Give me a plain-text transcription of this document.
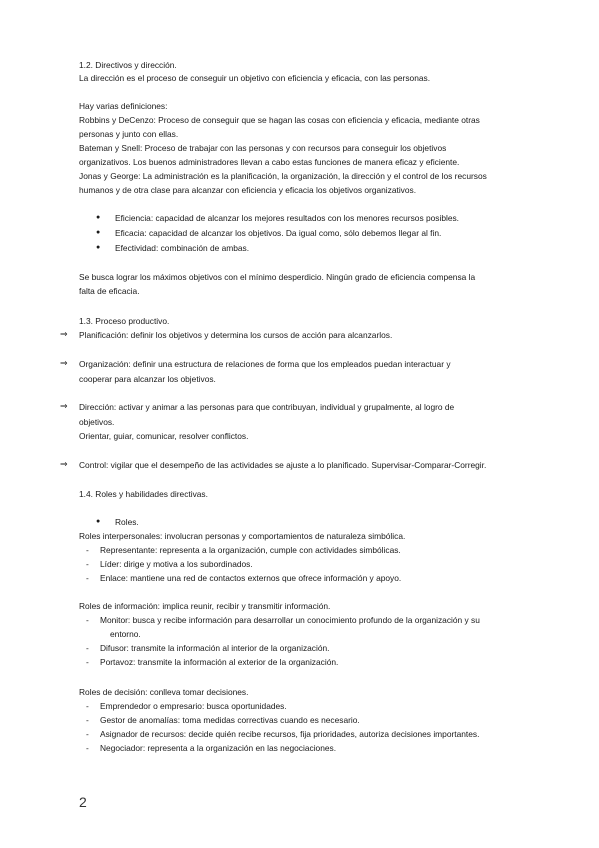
1.2. Directivos y dirección.
La dirección es el proceso de conseguir un objetivo con eficiencia y eficacia, con las personas.
Hay varias definiciones:
Robbins y DeCenzo: Proceso de conseguir que se hagan las cosas con eficiencia y eficacia, mediante otras
personas y junto con ellas.
Bateman y Snell: Proceso de trabajar con las personas y con recursos para conseguir los objetivos
organizativos. Los buenos administradores llevan a cabo estas funciones de manera eficaz y eficiente.
Jonas y George: La administración es la planificación, la organización, la dirección y el control de los recursos
humanos y de otra clase para alcanzar con eficiencia y eficacia los objetivos organizativos.
● Eficiencia: capacidad de alcanzar los mejores resultados con los menores recursos posibles.
● Eficacia: capacidad de alcanzar los objetivos. Da igual como, sólo debemos llegar al fin.
● Efectividad: combinación de ambas.
Se busca lograr los máximos objetivos con el mínimo desperdicio. Ningún grado de eficiencia compensa la
falta de eficacia.
1.3. Proceso productivo.
⇒	Planificación: definir los objetivos y determina los cursos de acción para alcanzarlos.
⇒	Organización: definir una estructura de relaciones de forma que los empleados puedan interactuar y
cooperar para alcanzar los objetivos.
⇒	Dirección: activar y animar a las personas para que contribuyan, individual y grupalmente, al logro de
objetivos.
Orientar, guiar, comunicar, resolver conflictos.
⇒	Control: vigilar que el desempeño de las actividades se ajuste a lo planificado. Supervisar-Comparar-Corregir.
1.4. Roles y habilidades directivas.
● Roles.
Roles interpersonales: involucran personas y comportamientos de naturaleza simbólica.
- Representante: representa a la organización, cumple con actividades simbólicas.
- Líder: dirige y motiva a los subordinados.
- Enlace: mantiene una red de contactos externos que ofrece información y apoyo.
Roles de información: implica reunir, recibir y transmitir información.
- Monitor: busca y recibe información para desarrollar un conocimiento profundo de la organización y su
entorno.
- Difusor: transmite la información al interior de la organización.
- Portavoz: transmite la información al exterior de la organización.
Roles de decisión: conlleva tomar decisiones.
- Emprendedor o empresario: busca oportunidades.
- Gestor de anomalías: toma medidas correctivas cuando es necesario.
- Asignador de recursos: decide quién recibe recursos, fija prioridades, autoriza decisiones importantes.
- Negociador: representa a la organización en las negociaciones.
2
